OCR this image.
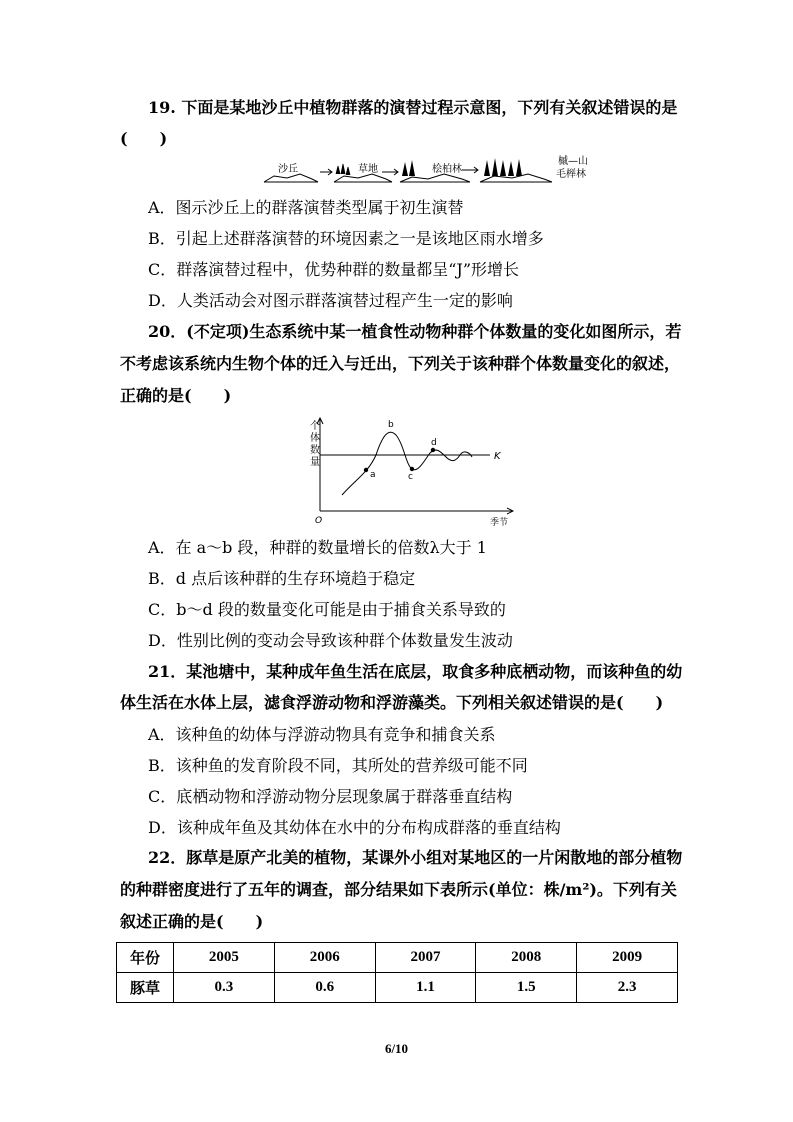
19. 下面是某地沙丘中植物群落的演替过程示意图，下列有关叙述错误的是
(　　)
沙丘	草地	桧柏林
槭—山
毛榉林
A．图示沙丘上的群落演替类型属于初生演替
B．引起上述群落演替的环境因素之一是该地区雨水增多
C．群落演替过程中，优势种群的数量都呈“J”形增长
D．人类活动会对图示群落演替过程产生一定的影响
20．(不定项)生态系统中某一植食性动物种群个体数量的变化如图所示，若
不考虑该系统内生物个体的迁入与迁出，下列关于该种群个体数量变化的叙述，
正确的是(　　)
个
体
数
量
K
a
b
c
d
O	季节
A．在 a～b 段，种群的数量增长的倍数λ大于 1
B．d 点后该种群的生存环境趋于稳定
C．b～d 段的数量变化可能是由于捕食关系导致的
D．性别比例的变动会导致该种群个体数量发生波动
21．某池塘中，某种成年鱼生活在底层，取食多种底栖动物，而该种鱼的幼
体生活在水体上层，滤食浮游动物和浮游藻类。下列相关叙述错误的是(　　)
A．该种鱼的幼体与浮游动物具有竞争和捕食关系
B．该种鱼的发育阶段不同，其所处的营养级可能不同
C．底栖动物和浮游动物分层现象属于群落垂直结构
D．该种成年鱼及其幼体在水中的分布构成群落的垂直结构
22．豚草是原产北美的植物，某课外小组对某地区的一片闲散地的部分植物
的种群密度进行了五年的调查，部分结果如下表所示(单位：株/m²)。下列有关
叙述正确的是(　　)
年份	2005	2006	2007	2008	2009
豚草	0.3	0.6	1.1	1.5	2.3
6/10
